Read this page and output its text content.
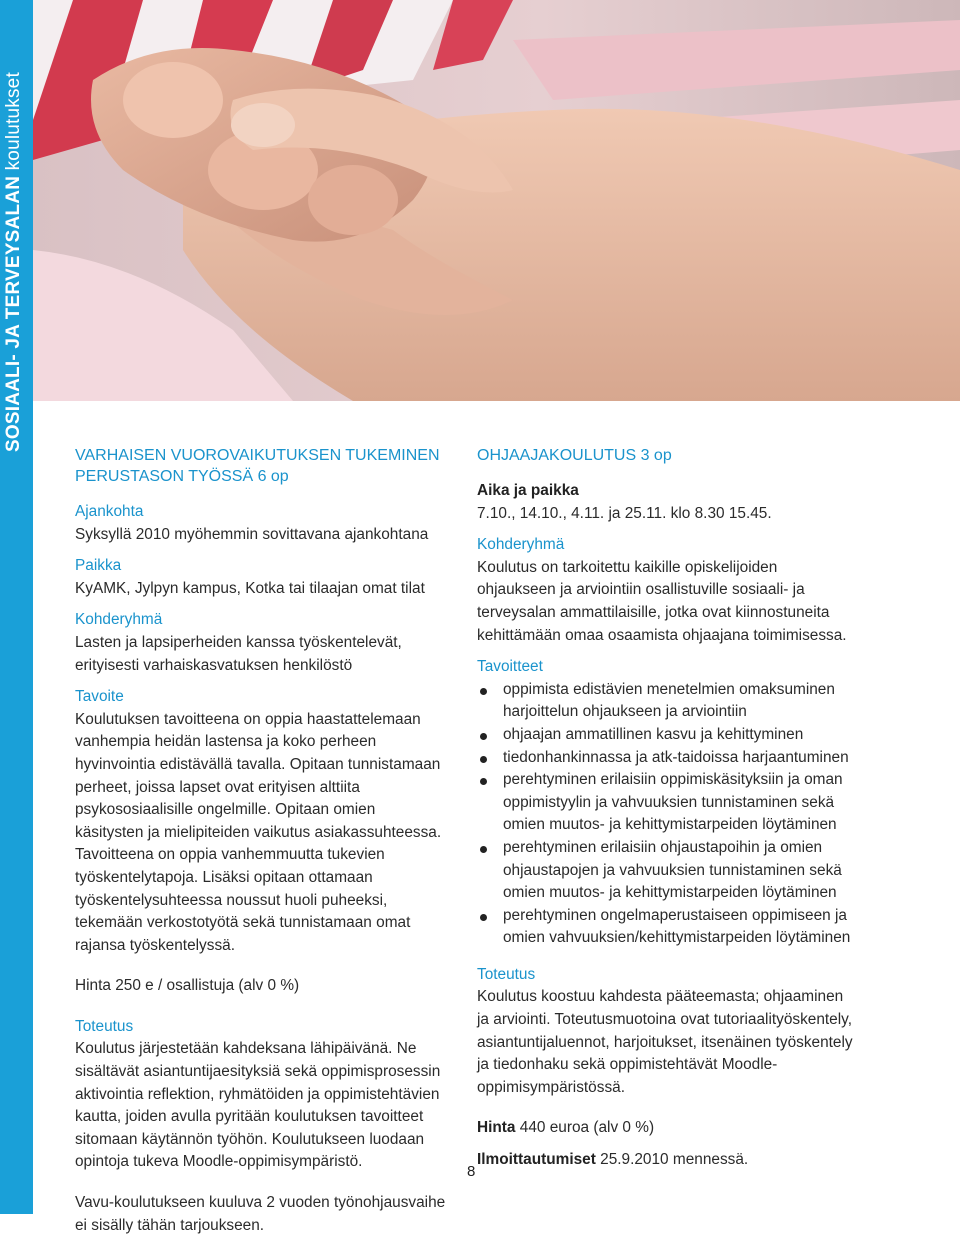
SOSIAALI- JA TERVEYSALAN koulutukset

VARHAISEN VUOROVAIKUTUKSEN TUKEMINEN PERUSTASON TYÖSSÄ 6 op

Ajankohta

Syksyllä 2010 myöhemmin sovittavana ajankohtana

Paikka

KyAMK, Jylpyn kampus, Kotka tai tilaajan omat tilat

Kohderyhmä

Lasten ja lapsiperheiden kanssa työskentelevät, erityisesti varhaiskasvatuksen henkilöstö

Tavoite

Koulutuksen tavoitteena on oppia haastattelemaan vanhempia heidän lastensa ja koko perheen hyvinvointia edistävällä tavalla. Opitaan tunnistamaan perheet, joissa lapset ovat erityisen alttiita psykososiaalisille ongelmille. Opitaan omien käsitysten ja mielipiteiden vaikutus asiakassuhteessa. Tavoitteena on oppia vanhemmuutta tukevien työskentelytapoja. Lisäksi opitaan ottamaan työskentelysuhteessa noussut huoli puheeksi, tekemään verkostotyötä sekä tunnistamaan omat rajansa työskentelyssä.

Hinta 250 e / osallistuja (alv 0 %)

Toteutus

Koulutus järjestetään kahdeksana lähipäivänä. Ne sisältävät asiantuntijaesityksiä sekä oppimisprosessin aktivointia reflektion, ryhmätöiden ja oppimistehtävien kautta, joiden avulla pyritään koulutuksen tavoitteet sitomaan käytännön työhön. Koulutukseen luodaan opintoja tukeva Moodle-oppimisympäristö.

Vavu-koulutukseen kuuluva 2 vuoden työnohjausvaihe ei sisälly tähän tarjoukseen.

OHJAAJAKOULUTUS 3 op

Aika ja paikka

7.10., 14.10., 4.11. ja 25.11. klo 8.30 15.45.

Kohderyhmä

Koulutus on tarkoitettu kaikille opiskelijoiden ohjaukseen ja arviointiin osallistuville sosiaali- ja terveysalan ammattilaisille, jotka ovat kiinnostuneita kehittämään omaa osaamista ohjaajana toimimisessa.

Tavoitteet

oppimista edistävien menetelmien omaksuminen harjoittelun ohjaukseen ja arviointiin
ohjaajan ammatillinen kasvu ja kehittyminen
tiedonhankinnassa ja atk-taidoissa harjaantuminen
perehtyminen erilaisiin oppimiskäsityksiin ja oman oppimistyylin ja vahvuuksien tunnistaminen sekä omien muutos- ja kehittymistarpeiden löytäminen
perehtyminen erilaisiin ohjaustapoihin ja omien ohjaustapojen ja vahvuuksien tunnistaminen sekä omien muutos- ja kehittymistarpeiden löytäminen
perehtyminen ongelmaperustaiseen oppimiseen ja omien vahvuuksien/kehittymistarpeiden löytäminen

Toteutus

Koulutus koostuu kahdesta pääteemasta; ohjaaminen ja arviointi. Toteutusmuotoina ovat tutoriaalityöskentely, asiantuntijaluennot, harjoitukset, itsenäinen työskentely ja tiedonhaku sekä oppimistehtävät Moodle-oppimisympäristössä.

Hinta 440 euroa (alv 0 %)

Ilmoittautumiset 25.9.2010 mennessä.

8
